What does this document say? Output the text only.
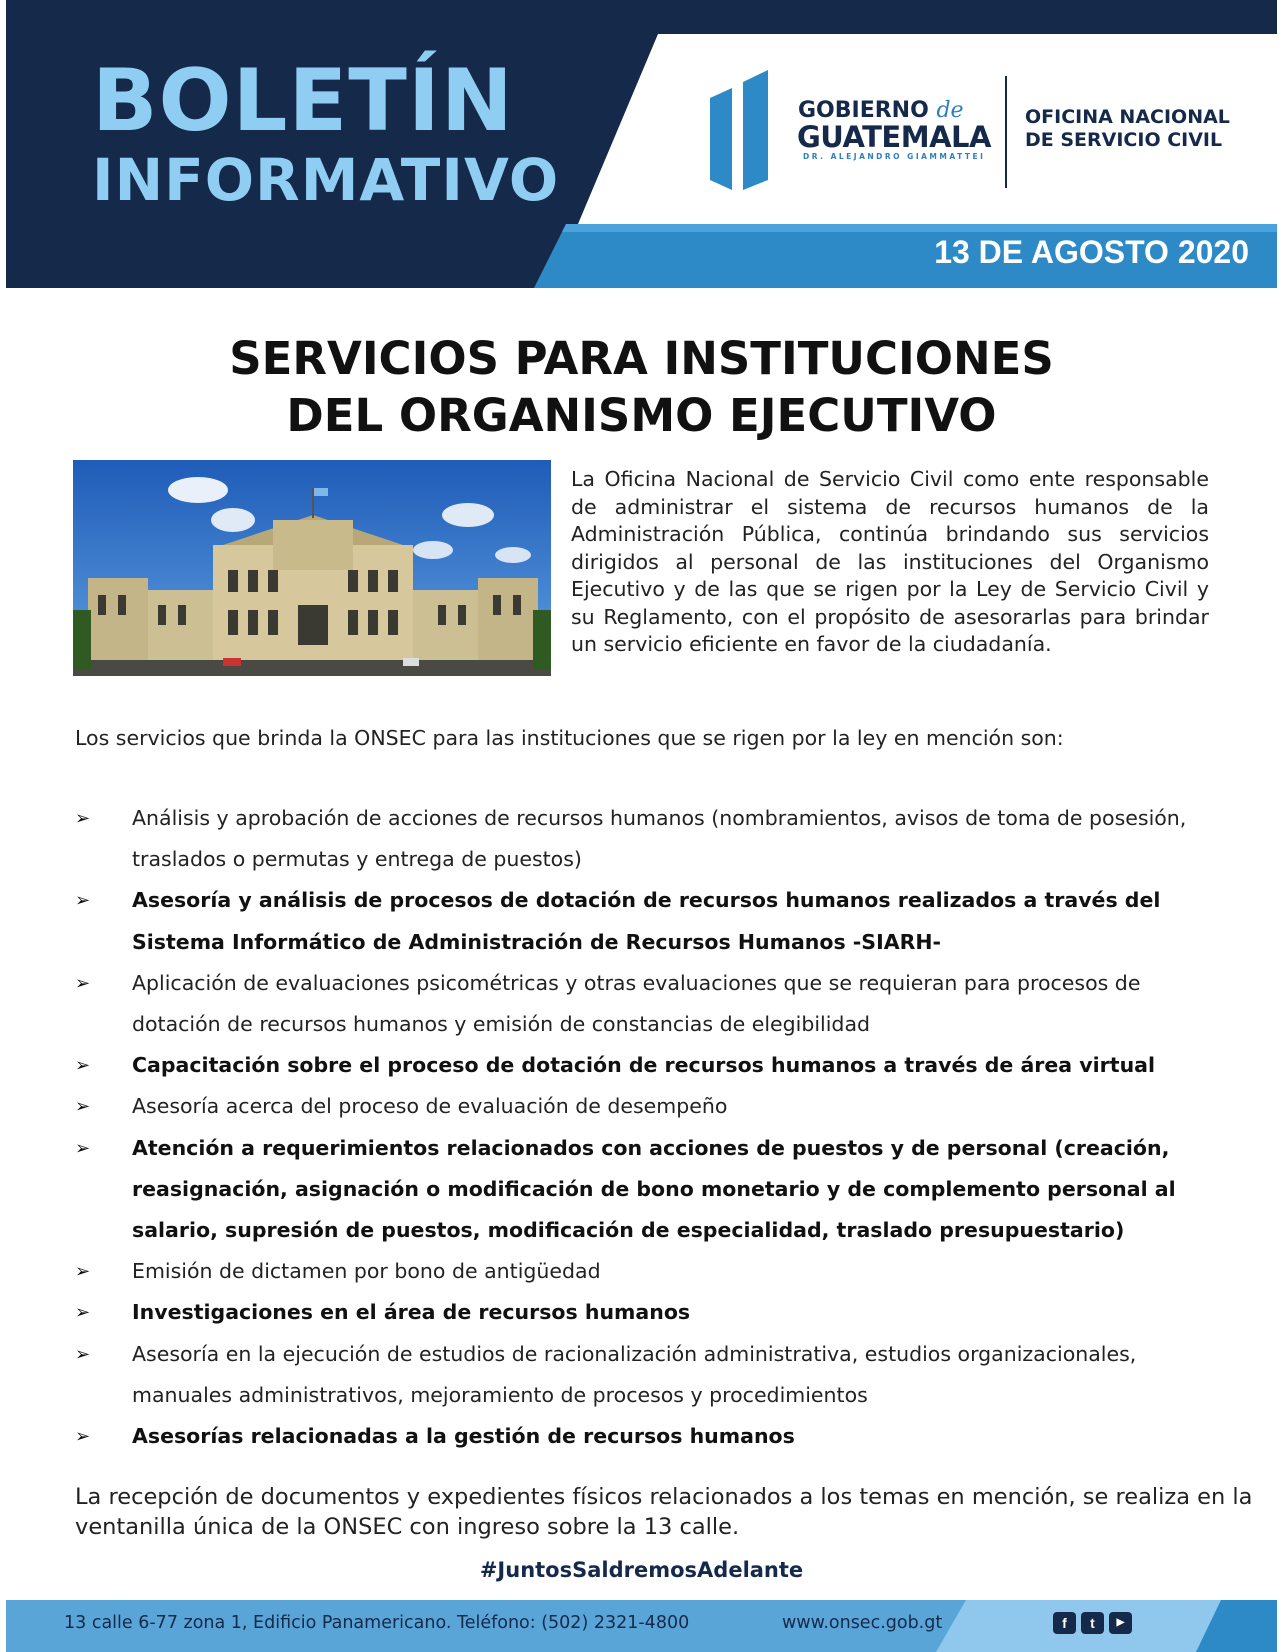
BOLETÍN
INFORMATIVO
GOBIERNO de
GUATEMALA
DR. ALEJANDRO GIAMMATTEI
OFICINA NACIONAL
DE SERVICIO CIVIL
13 DE AGOSTO 2020
SERVICIOS PARA INSTITUCIONES
DEL ORGANISMO EJECUTIVO
La Oficina Nacional de Servicio Civil como ente responsable de administrar el sistema de recursos humanos de la Administración Pública, continúa brindando sus servicios dirigidos al personal de las instituciones del Organismo Ejecutivo y de las que se rigen por la Ley de Servicio Civil y su Reglamento, con el propósito de asesorarlas para brindar un servicio eficiente en favor de la ciudadanía.
Los servicios que brinda la ONSEC para las instituciones que se rigen por la ley en mención son:
➢ Análisis y aprobación de acciones de recursos humanos (nombramientos, avisos de toma de posesión, traslados o permutas y entrega de puestos)
➢ Asesoría y análisis de procesos de dotación de recursos humanos realizados a través del Sistema Informático de Administración de Recursos Humanos -SIARH-
➢ Aplicación de evaluaciones psicométricas y otras evaluaciones que se requieran para procesos de dotación de recursos humanos y emisión de constancias de elegibilidad
➢ Capacitación sobre el proceso de dotación de recursos humanos a través de área virtual
➢ Asesoría acerca del proceso de evaluación de desempeño
➢ Atención a requerimientos relacionados con acciones de puestos y de personal (creación, reasignación, asignación o modificación de bono monetario y de complemento personal al salario, supresión de puestos, modificación de especialidad, traslado presupuestario)
➢ Emisión de dictamen por bono de antigüedad
➢ Investigaciones en el área de recursos humanos
➢ Asesoría en la ejecución de estudios de racionalización administrativa, estudios organizacionales, manuales administrativos, mejoramiento de procesos y procedimientos
➢ Asesorías relacionadas a la gestión de recursos humanos
La recepción de documentos y expedientes físicos relacionados a los temas en mención, se realiza en la ventanilla única de la ONSEC con ingreso sobre la 13 calle.
#JuntosSaldremosAdelante
13 calle 6-77 zona 1, Edificio Panamericano. Teléfono: (502) 2321-4800	www.onsec.gob.gt	f	t	▶
